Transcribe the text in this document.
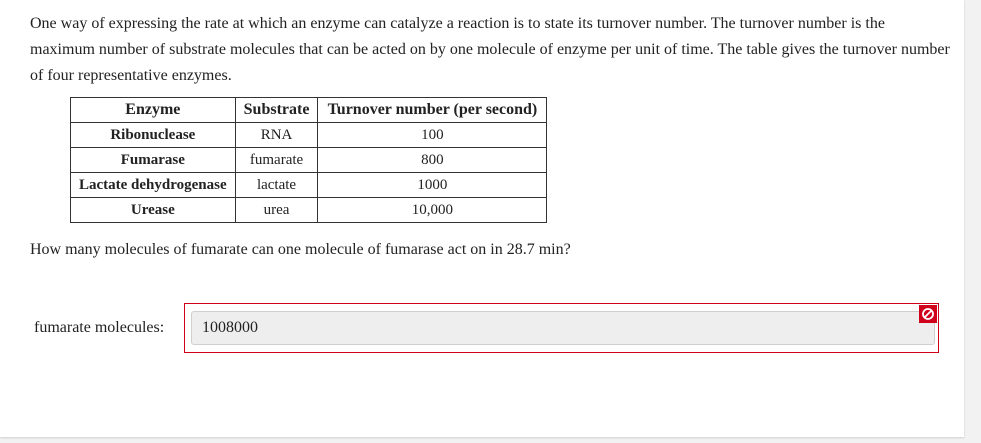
One way of expressing the rate at which an enzyme can catalyze a reaction is to state its turnover number. The turnover number is the maximum number of substrate molecules that can be acted on by one molecule of enzyme per unit of time. The table gives the turnover number of four representative enzymes.

Enzyme	Substrate	Turnover number (per second)
Ribonuclease	RNA	100
Fumarase	fumarate	800
Lactate dehydrogenase	lactate	1000
Urease	urea	10,000

How many molecules of fumarate can one molecule of fumarase act on in 28.7 min?

fumarate molecules:
1008000
